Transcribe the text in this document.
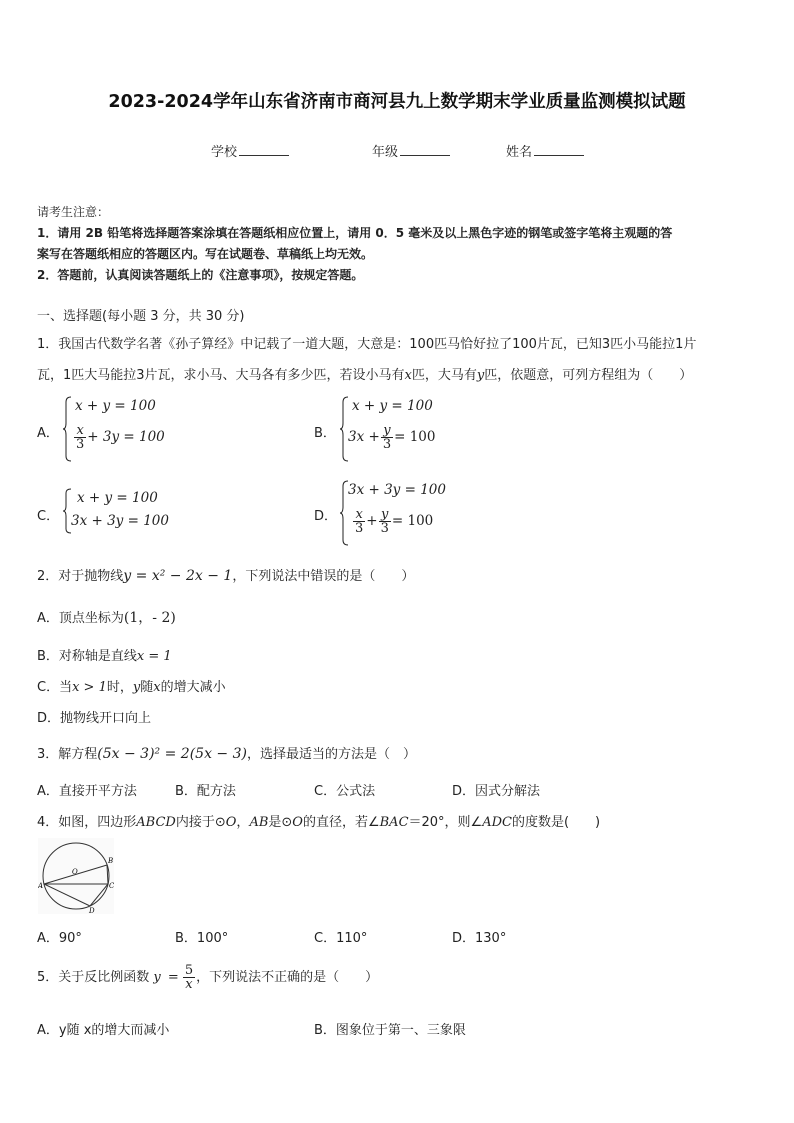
2023-2024学年山东省济南市商河县九上数学期末学业质量监测模拟试题
学校	年级	姓名
请考生注意：
1．请用 2B 铅笔将选择题答案涂填在答题纸相应位置上，请用 0．5 毫米及以上黑色字迹的钢笔或签字笔将主观题的答
案写在答题纸相应的答题区内。写在试题卷、草稿纸上均无效。
2．答题前，认真阅读答题纸上的《注意事项》，按规定答题。
一、选择题(每小题 3 分，共 30 分)
1．我国古代数学名著《孙子算经》中记载了一道大题，大意是：100匹马恰好拉了100片瓦，已知3匹小马能拉1片
瓦，1匹大马能拉3片瓦，求小马、大马各有多少匹，若设小马有x匹，大马有y匹，依题意，可列方程组为（　　）
A．
x + y = 100
$\frac{x}{3} + 3y = 100$	B．
x + y = 100
$3x + \frac{y}{3} = 100$
C．
x + y = 100
3x + 3y = 100	D．
3x + 3y = 100
$\frac{x}{3} + \frac{y}{3} = 100$
2．对于抛物线y = x² − 2x − 1，下列说法中错误的是（　　）
A．顶点坐标为(1，- 2)
B．对称轴是直线x = 1
C．当x > 1时，y随x的增大减小
D．抛物线开口向上
3．解方程(5x − 3)² = 2(5x − 3)，选择最适当的方法是（　）
A．直接开平方法	B．配方法	C．公式法	D．因式分解法
4．如图，四边形ABCD内接于⊙O，AB是⊙O的直径，若∠BAC＝20°，则∠ADC的度数是(　　)
A
B
C
D
O
A．90°	B．100°	C．110°	D．130°
5．关于反比例函数 $y = \frac{5}{x}$ ，下列说法不正确的是（　　）
A．y随 x的增大而减小	B．图象位于第一、三象限
